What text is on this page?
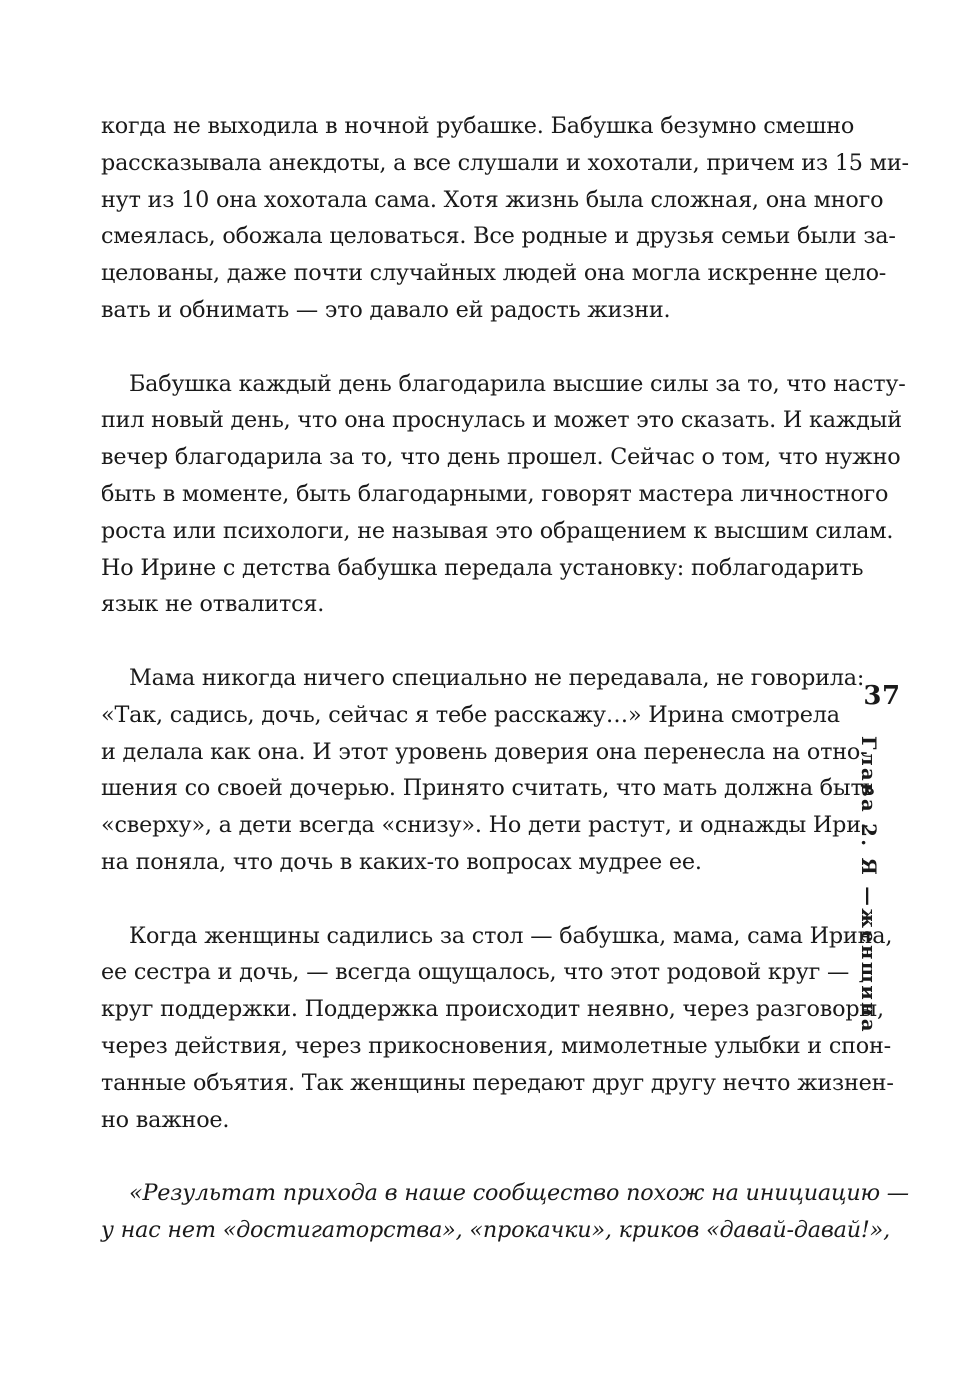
когда не выходила в ночной рубашке. Бабушка безумно смешно
рассказывала анекдоты, а все слушали и хохотали, причем из 15 ми-
нут из 10 она хохотала сама. Хотя жизнь была сложная, она много
смеялась, обожала целоваться. Все родные и друзья семьи были за-
целованы, даже почти случайных людей она могла искренне цело-
вать и обнимать — это давало ей радость жизни.
Бабушка каждый день благодарила высшие силы за то, что насту-
пил новый день, что она проснулась и может это сказать. И каждый
вечер благодарила за то, что день прошел. Сейчас о том, что нужно
быть в моменте, быть благодарными, говорят мастера личностного
роста или психологи, не называя это обращением к высшим силам.
Но Ирине с детства бабушка передала установку: поблагодарить
язык не отвалится.
Мама никогда ничего специально не передавала, не говорила:
«Так, садись, дочь, сейчас я тебе расскажу…» Ирина смотрела
и делала как она. И этот уровень доверия она перенесла на отно-
шения со своей дочерью. Принято считать, что мать должна быть
«сверху», а дети всегда «снизу». Но дети растут, и однажды Ири-
на поняла, что дочь в каких-то вопросах мудрее ее.
Когда женщины садились за стол — бабушка, мама, сама Ирина,
ее сестра и дочь, — всегда ощущалось, что этот родовой круг —
круг поддержки. Поддержка происходит неявно, через разговоры,
через действия, через прикосновения, мимолетные улыбки и спон-
танные объятия. Так женщины передают друг другу нечто жизнен-
но важное.
«Результат прихода в наше сообщество похож на инициацию —
у нас нет «достигаторства», «прокачки», криков «давай-давай!»,
37
Глава 2. Я —женщина
